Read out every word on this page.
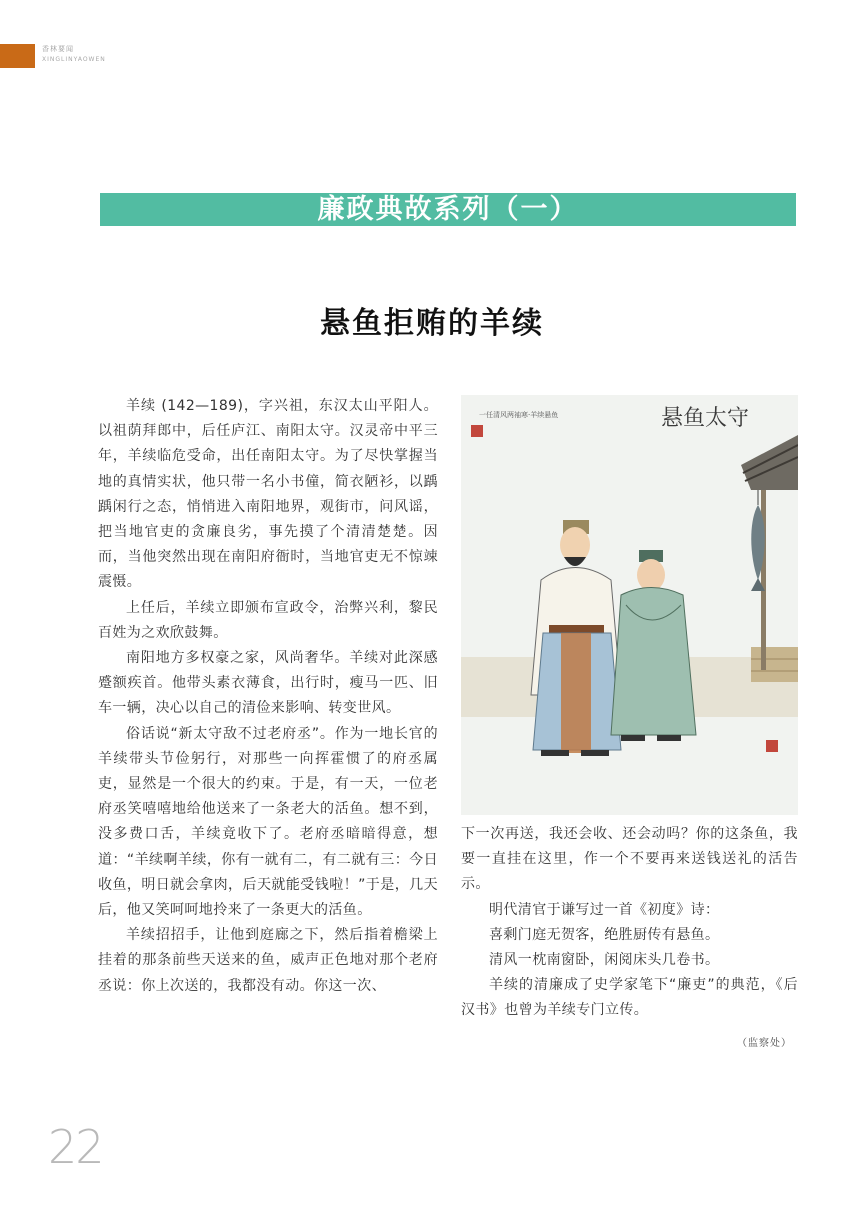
香林要闻
XINGLINYAOWEN
廉政典故系列（一）
悬鱼拒贿的羊续

羊续 (142—189)，字兴祖，东汉太山平阳人。以祖荫拜郎中，后任庐江、南阳太守。汉灵帝中平三年，羊续临危受命，出任南阳太守。为了尽快掌握当地的真情实状，他只带一名小书僮，简衣陋衫，以踽踽闲行之态，悄悄进入南阳地界，观街市，问风谣，把当地官吏的贪廉良劣，事先摸了个清清楚楚。因而，当他突然出现在南阳府衙时，当地官吏无不惊竦震慑。

上任后，羊续立即颁布宣政令，治弊兴利，黎民百姓为之欢欣鼓舞。

南阳地方多权豪之家，风尚奢华。羊续对此深感蹙额疾首。他带头素衣薄食，出行时，瘦马一匹、旧车一辆，决心以自己的清俭来影响、转变世风。

俗话说“新太守敌不过老府丞”。作为一地长官的羊续带头节俭躬行，对那些一向挥霍惯了的府丞属吏，显然是一个很大的约束。于是，有一天，一位老府丞笑嘻嘻地给他送来了一条老大的活鱼。想不到，没多费口舌，羊续竟收下了。老府丞暗暗得意，想道：“羊续啊羊续，你有一就有二，有二就有三：今日收鱼，明日就会拿肉，后天就能受钱啦！”于是，几天后，他又笑呵呵地拎来了一条更大的活鱼。

羊续招招手，让他到庭廊之下，然后指着檐梁上挂着的那条前些天送来的鱼，威声正色地对那个老府丞说：你上次送的，我都没有动。你这一次、

悬鱼太守
一任清风两袖寒·羊续悬鱼

下一次再送，我还会收、还会动吗？你的这条鱼，我要一直挂在这里，作一个不要再来送钱送礼的活告示。

明代清官于谦写过一首《初度》诗：

喜剩门庭无贺客，绝胜厨传有悬鱼。

清风一枕南窗卧，闲阅床头几卷书。

羊续的清廉成了史学家笔下“廉吏”的典范，《后汉书》也曾为羊续专门立传。

（监察处）
22
